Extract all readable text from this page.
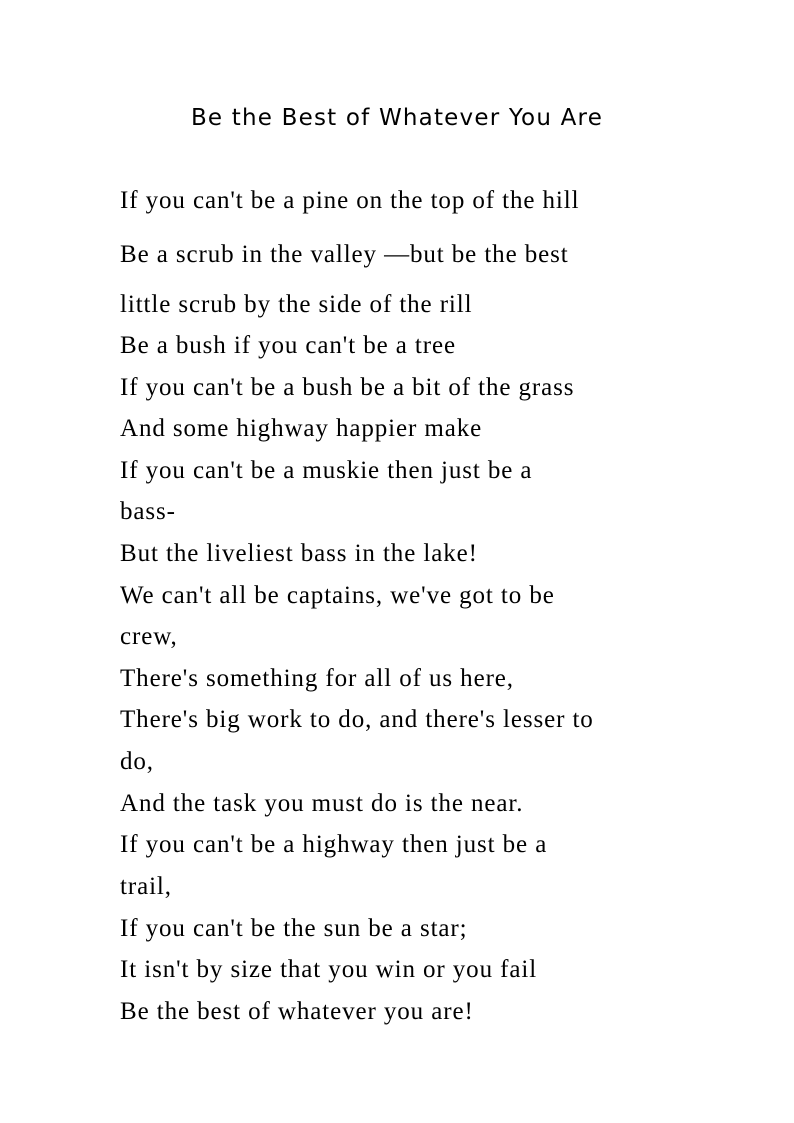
Be the Best of Whatever You Are
If you can't be a pine on the top of the hill
Be a scrub in the valley —but be the best
little scrub by the side of the rill
Be a bush if you can't be a tree
If you can't be a bush be a bit of the grass
And some highway happier make
If you can't be a muskie then just be a
bass-
But the liveliest bass in the lake!
We can't all be captains, we've got to be
crew,
There's something for all of us here,
There's big work to do, and there's lesser to
do,
And the task you must do is the near.
If you can't be a highway then just be a
trail,
If you can't be the sun be a star;
It isn't by size that you win or you fail
Be the best of whatever you are!
